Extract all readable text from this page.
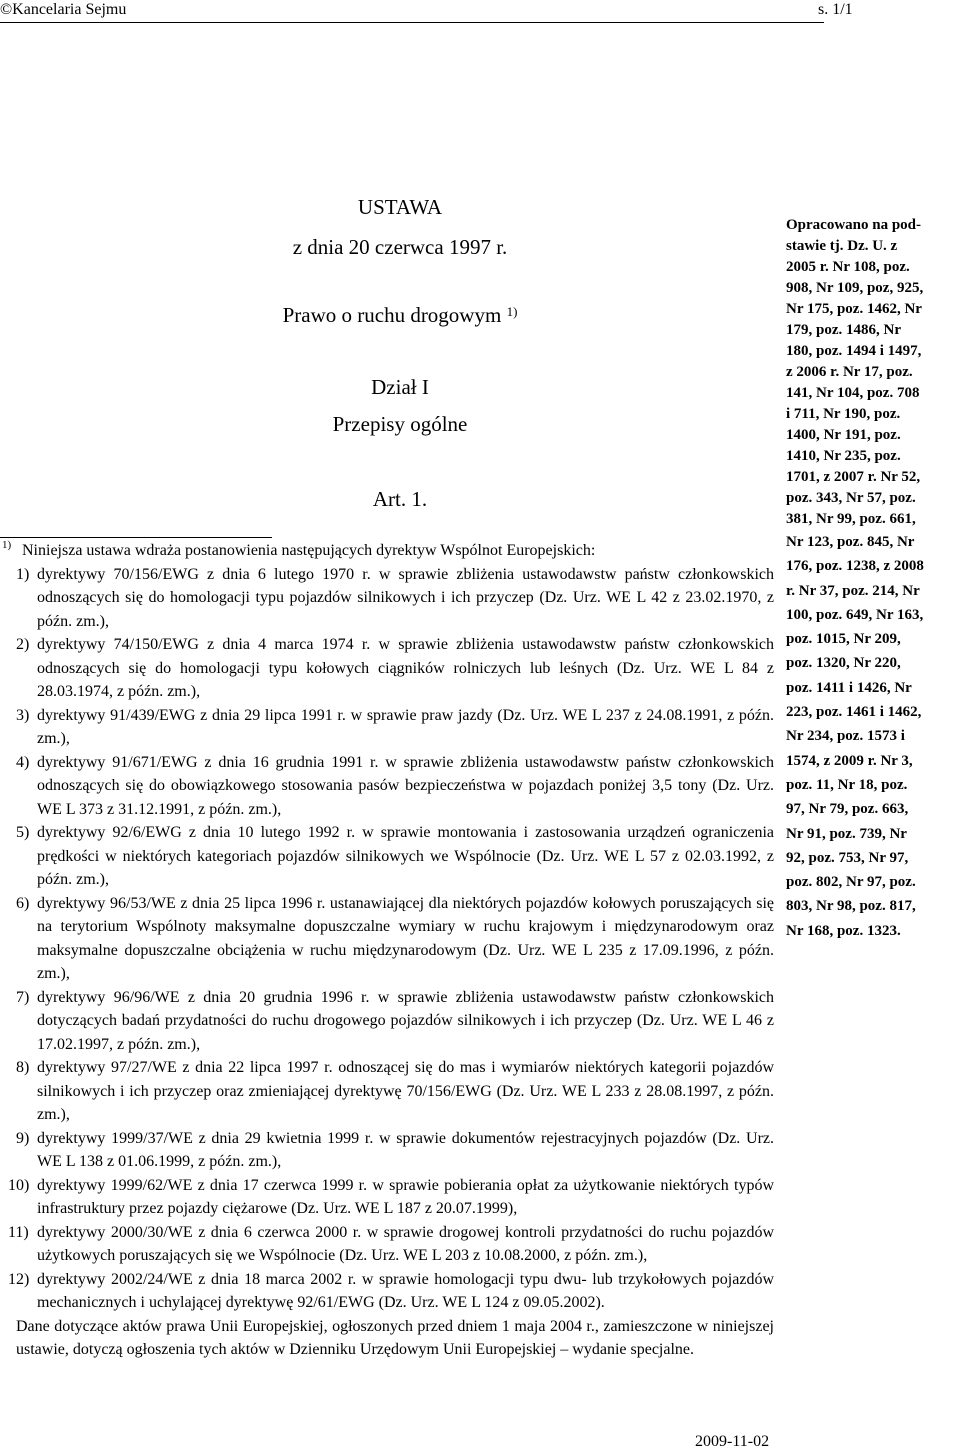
©Kancelaria Sejmu	s. 1/1
USTAWA
z dnia 20 czerwca 1997 r.
Prawo o ruchu drogowym $^{1)}$
Dział I
Przepisy ogólne
Art. 1.
Opracowano na pod-
stawie tj. Dz. U. z
2005 r. Nr 108, poz.
908, Nr 109, poz, 925,
Nr 175, poz. 1462, Nr
179, poz. 1486, Nr
180, poz. 1494 i 1497,
z 2006 r. Nr 17, poz.
141, Nr 104, poz. 708
i 711, Nr 190, poz.
1400, Nr 191, poz.
1410, Nr 235, poz.
1701, z 2007 r. Nr 52,
poz. 343, Nr 57, poz.
381, Nr 99, poz. 661,
Nr 123, poz. 845, Nr
176, poz. 1238, z 2008
r. Nr 37, poz. 214, Nr
100, poz. 649, Nr 163,
poz. 1015, Nr 209,
poz. 1320, Nr 220,
poz. 1411 i 1426, Nr
223, poz. 1461 i 1462,
Nr 234, poz. 1573 i
1574, z 2009 r. Nr 3,
poz. 11, Nr 18, poz.
97, Nr 79, poz. 663,
Nr 91, poz. 739, Nr
92, poz. 753, Nr 97,
poz. 802, Nr 97, poz.
803, Nr 98, poz. 817,
Nr 168, poz. 1323.
1) Niniejsza ustawa wdraża postanowienia następujących dyrektyw Wspólnot Europejskich:
1) dyrektywy 70/156/EWG z dnia 6 lutego 1970 r. w sprawie zbliżenia ustawodawstw państw członkowskich odnoszących się do homologacji typu pojazdów silnikowych i ich przyczep (Dz. Urz. WE L 42 z 23.02.1970, z późn. zm.),
2) dyrektywy 74/150/EWG z dnia 4 marca 1974 r. w sprawie zbliżenia ustawodawstw państw członkowskich odnoszących się do homologacji typu kołowych ciągników rolniczych lub leśnych (Dz. Urz. WE L 84 z 28.03.1974, z późn. zm.),
3) dyrektywy 91/439/EWG z dnia 29 lipca 1991 r. w sprawie praw jazdy (Dz. Urz. WE L 237 z 24.08.1991, z późn. zm.),
4) dyrektywy 91/671/EWG z dnia 16 grudnia 1991 r. w sprawie zbliżenia ustawodawstw państw członkowskich odnoszących się do obowiązkowego stosowania pasów bezpieczeństwa w pojazdach poniżej 3,5 tony (Dz. Urz. WE L 373 z 31.12.1991, z późn. zm.),
5) dyrektywy 92/6/EWG z dnia 10 lutego 1992 r. w sprawie montowania i zastosowania urządzeń ograniczenia prędkości w niektórych kategoriach pojazdów silnikowych we Wspólnocie (Dz. Urz. WE L 57 z 02.03.1992, z późn. zm.),
6) dyrektywy 96/53/WE z dnia 25 lipca 1996 r. ustanawiającej dla niektórych pojazdów kołowych poruszających się na terytorium Wspólnoty maksymalne dopuszczalne wymiary w ruchu krajowym i międzynarodowym oraz maksymalne dopuszczalne obciążenia w ruchu międzynarodowym (Dz. Urz. WE L 235 z 17.09.1996, z późn. zm.),
7) dyrektywy 96/96/WE z dnia 20 grudnia 1996 r. w sprawie zbliżenia ustawodawstw państw członkowskich dotyczących badań przydatności do ruchu drogowego pojazdów silnikowych i ich przyczep (Dz. Urz. WE L 46 z 17.02.1997, z późn. zm.),
8) dyrektywy 97/27/WE z dnia 22 lipca 1997 r. odnoszącej się do mas i wymiarów niektórych kategorii pojazdów silnikowych i ich przyczep oraz zmieniającej dyrektywę 70/156/EWG (Dz. Urz. WE L 233 z 28.08.1997, z późn. zm.),
9) dyrektywy 1999/37/WE z dnia 29 kwietnia 1999 r. w sprawie dokumentów rejestracyjnych pojazdów (Dz. Urz. WE L 138 z 01.06.1999, z późn. zm.),
10) dyrektywy 1999/62/WE z dnia 17 czerwca 1999 r. w sprawie pobierania opłat za użytkowanie niektórych typów infrastruktury przez pojazdy ciężarowe (Dz. Urz. WE L 187 z 20.07.1999),
11) dyrektywy 2000/30/WE z dnia 6 czerwca 2000 r. w sprawie drogowej kontroli przydatności do ruchu pojazdów użytkowych poruszających się we Wspólnocie (Dz. Urz. WE L 203 z 10.08.2000, z późn. zm.),
12) dyrektywy 2002/24/WE z dnia 18 marca 2002 r. w sprawie homologacji typu dwu- lub trzykołowych pojazdów mechanicznych i uchylającej dyrektywę 92/61/EWG (Dz. Urz. WE L 124 z 09.05.2002).
Dane dotyczące aktów prawa Unii Europejskiej, ogłoszonych przed dniem 1 maja 2004 r., zamieszczone w niniejszej ustawie, dotyczą ogłoszenia tych aktów w Dzienniku Urzędowym Unii Europejskiej – wydanie specjalne.
2009-11-02
